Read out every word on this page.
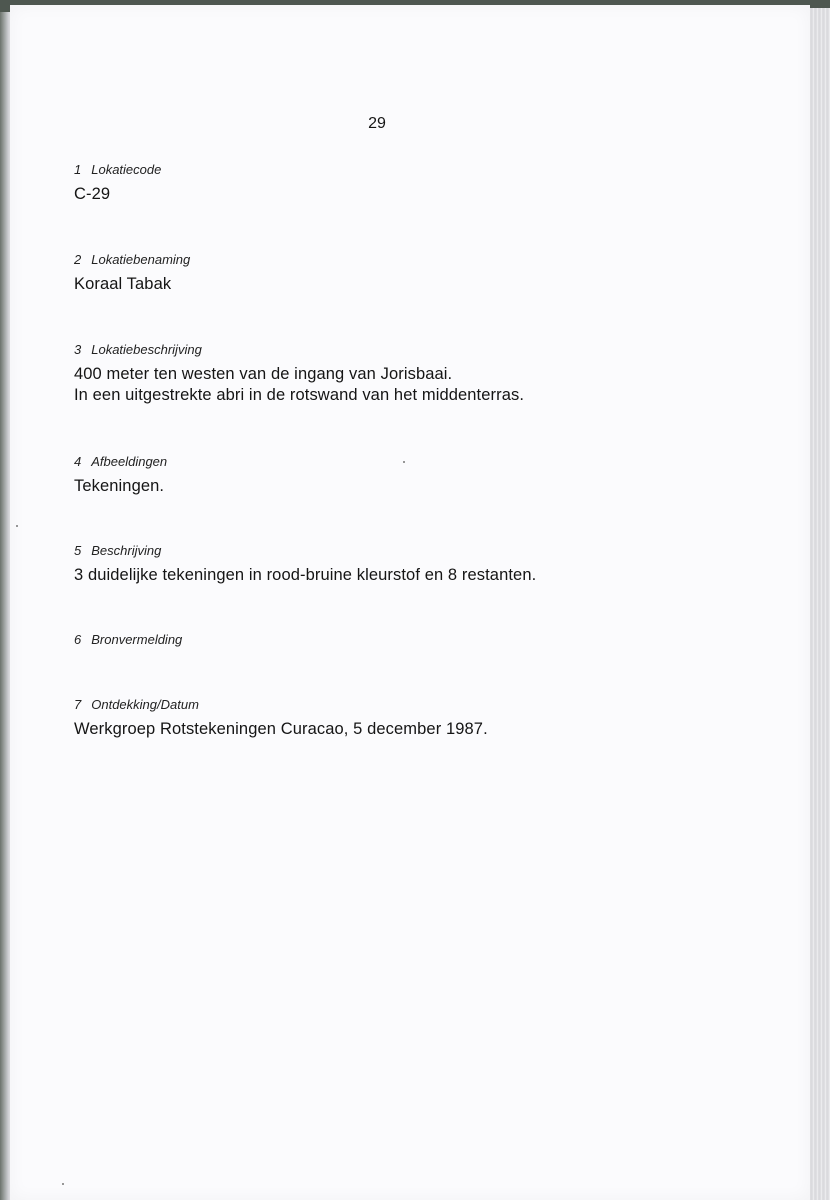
29
1 Lokatiecode
C-29
2 Lokatiebenaming
Koraal Tabak
3 Lokatiebeschrijving
400 meter ten westen van de ingang van Jorisbaai.
In een uitgestrekte abri in de rotswand van het middenterras.
4 Afbeeldingen
Tekeningen.
5 Beschrijving
3 duidelijke tekeningen in rood-bruine kleurstof en 8 restanten.
6 Bronvermelding
7 Ontdekking/Datum
Werkgroep Rotstekeningen Curacao, 5 december 1987.
